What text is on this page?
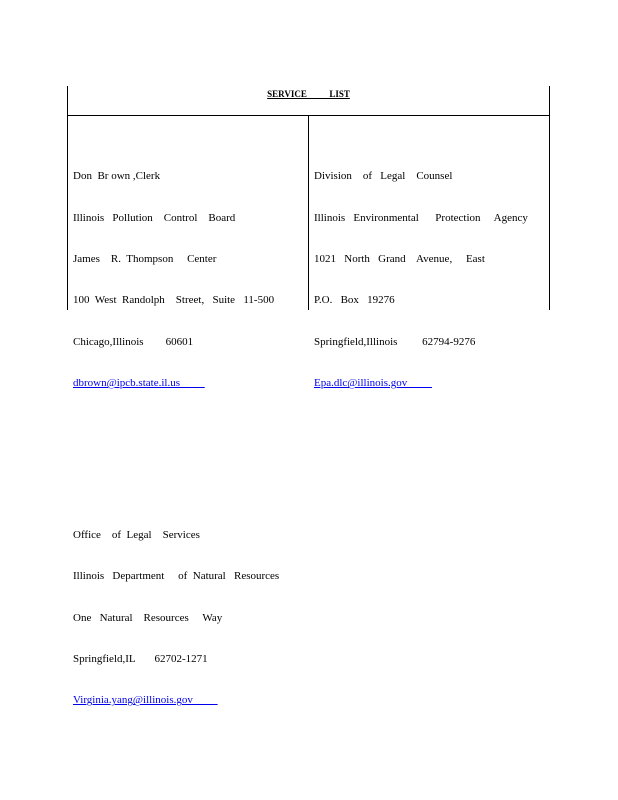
SERVICE          LIST

Don  Br own ,Clerk

Illinois   Pollution    Control    Board

James    R.  Thompson     Center

100  West  Randolph    Street,   Suite   11-500

Chicago,Illinois        60601

dbrown@ipcb.state.il.us

Office    of  Legal    Services

Illinois   Department     of  Natural   Resources

One   Natural    Resources     Way

Springfield,IL       62702-1271

Virginia.yang@illinois.gov

Division    of   Legal    Counsel

Illinois   Environmental      Protection     Agency

1021   North   Grand    Avenue,     East

P.O.   Box   19276

Springfield,Illinois         62794-9276

Epa.dlc@illinois.gov
